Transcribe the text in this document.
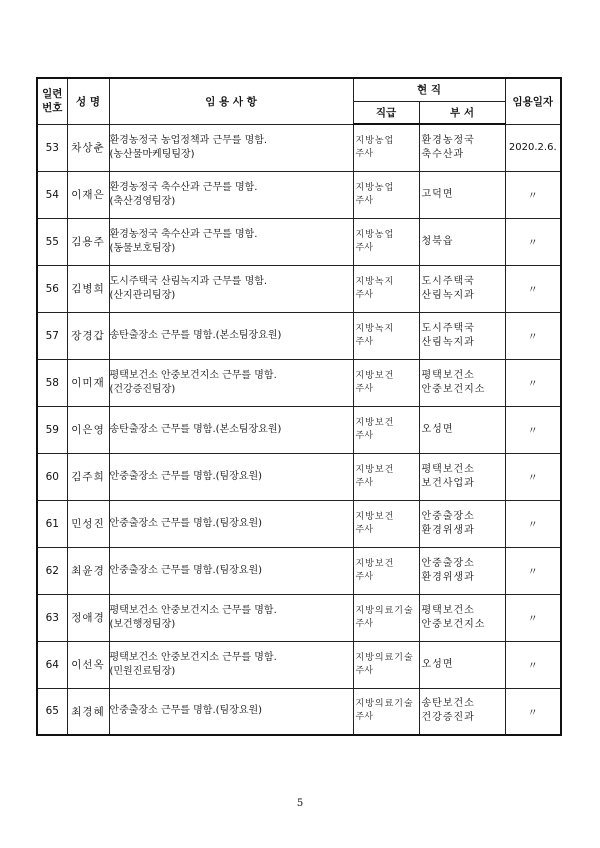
일련
번호	성 명	임 용 사 항	현 직		임용일자
			직급	부 서	
53	차상춘	환경농정국 농업정책과 근무를 명함.
(농산물마케팅팀장)	지방농업
주사	환경농정국
축수산과	2020.2.6.
54	이재은	환경농정국 축수산과 근무를 명함.
(축산경영팀장)	지방농업
주사	고덕면	〃
55	김용주	환경농정국 축수산과 근무를 명함.
(동물보호팀장)	지방농업
주사	청북읍	〃
56	김병희	도시주택국 산림녹지과 근무를 명함.
(산지관리팀장)	지방녹지
주사	도시주택국
산림녹지과	〃
57	장경갑	송탄출장소 근무를 명함.(본소팀장요원)	지방녹지
주사	도시주택국
산림녹지과	〃
58	이미재	평택보건소 안중보건지소 근무를 명함.
(건강증진팀장)	지방보건
주사	평택보건소
안중보건지소	〃
59	이은영	송탄출장소 근무를 명함.(본소팀장요원)	지방보건
주사	오성면	〃
60	김주희	안중출장소 근무를 명함.(팀장요원)	지방보건
주사	평택보건소
보건사업과	〃
61	민성진	안중출장소 근무를 명함.(팀장요원)	지방보건
주사	안중출장소
환경위생과	〃
62	최윤경	안중출장소 근무를 명함.(팀장요원)	지방보건
주사	안중출장소
환경위생과	〃
63	정애경	평택보건소 안중보건지소 근무를 명함.
(보건행정팀장)	지방의료기술
주사	평택보건소
안중보건지소	〃
64	이선옥	평택보건소 안중보건지소 근무를 명함.
(민원진료팀장)	지방의료기술
주사	오성면	〃
65	최경혜	안중출장소 근무를 명함.(팀장요원)	지방의료기술
주사	송탄보건소
건강증진과	〃
5
